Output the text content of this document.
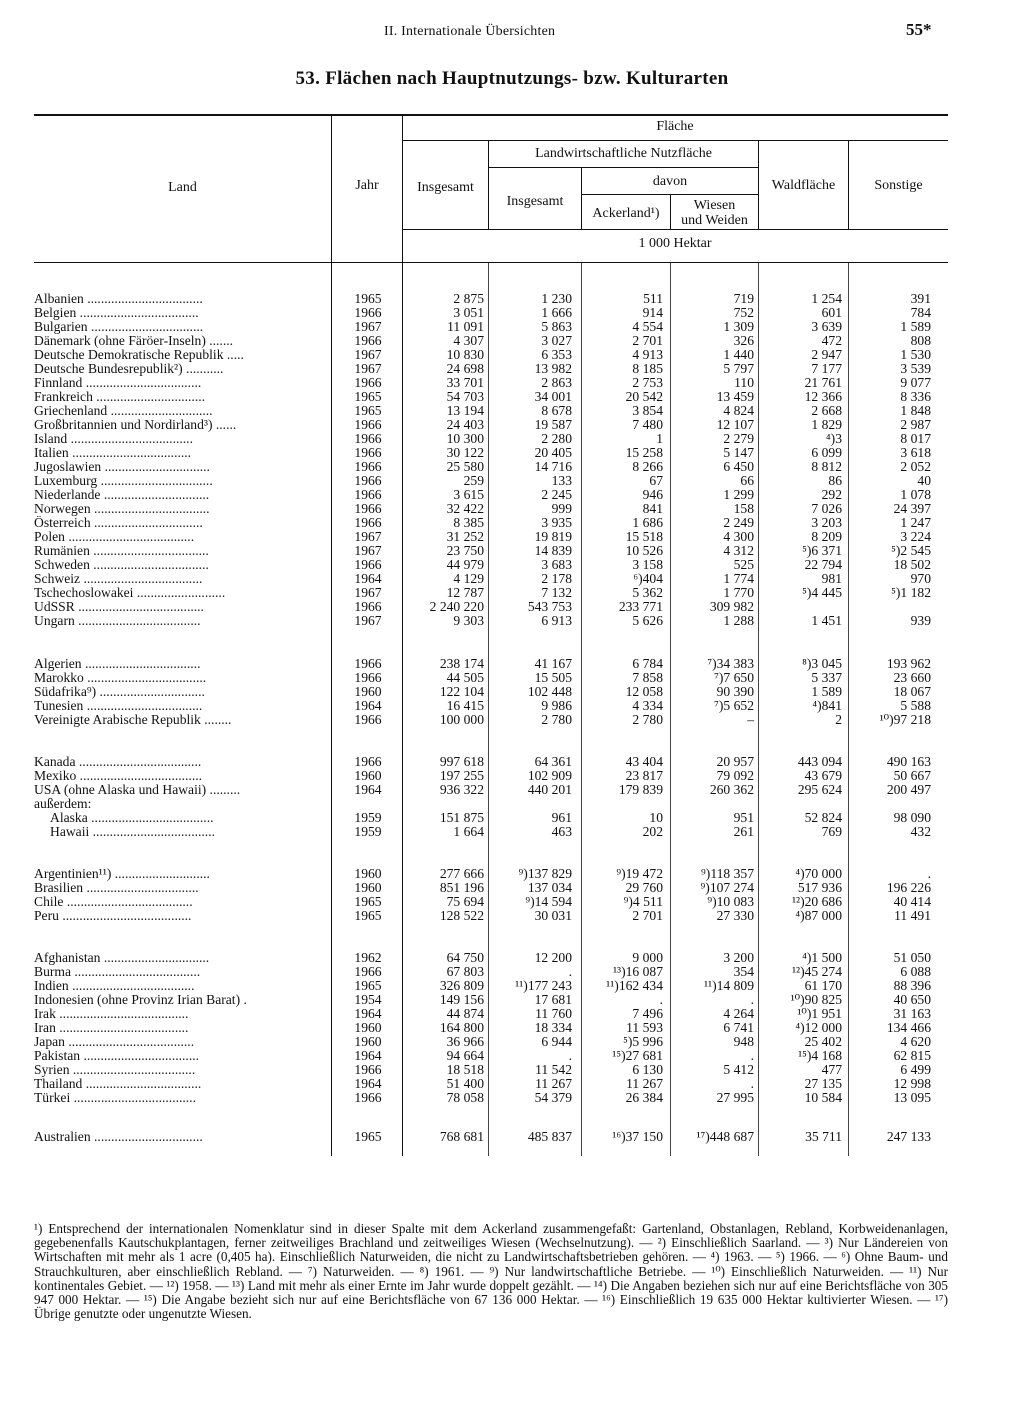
II. Internationale Übersichten	55*
53. Flächen nach Hauptnutzungs- bzw. Kulturarten
Land	Jahr
Fläche
Insgesamt
Landwirtschaftliche Nutzfläche
Insgesamt
davon
Ackerland¹)
Wiesen
und Weiden
Waldfläche	Sonstige
1 000 Hektar
Albanien ..................................	1965	2 875	1 230	511	719	1 254	391
Belgien ...................................	1966	3 051	1 666	914	752	601	784
Bulgarien .................................	1967	11 091	5 863	4 554	1 309	3 639	1 589
Dänemark (ohne Färöer-Inseln) .......	1966	4 307	3 027	2 701	326	472	808
Deutsche Demokratische Republik .....	1967	10 830	6 353	4 913	1 440	2 947	1 530
Deutsche Bundesrepublik²) ...........	1967	24 698	13 982	8 185	5 797	7 177	3 539
Finnland ..................................	1966	33 701	2 863	2 753	110	21 761	9 077
Frankreich ................................	1965	54 703	34 001	20 542	13 459	12 366	8 336
Griechenland ..............................	1965	13 194	8 678	3 854	4 824	2 668	1 848
Großbritannien und Nordirland³) ......	1966	24 403	19 587	7 480	12 107	1 829	2 987
Island ....................................	1966	10 300	2 280	1	2 279	⁴)3	8 017
Italien ...................................	1966	30 122	20 405	15 258	5 147	6 099	3 618
Jugoslawien ...............................	1966	25 580	14 716	8 266	6 450	8 812	2 052
Luxemburg .................................	1966	259	133	67	66	86	40
Niederlande ...............................	1966	3 615	2 245	946	1 299	292	1 078
Norwegen ..................................	1966	32 422	999	841	158	7 026	24 397
Österreich ................................	1966	8 385	3 935	1 686	2 249	3 203	1 247
Polen .....................................	1967	31 252	19 819	15 518	4 300	8 209	3 224
Rumänien ..................................	1967	23 750	14 839	10 526	4 312	⁵)6 371	⁵)2 545
Schweden ..................................	1966	44 979	3 683	3 158	525	22 794	18 502
Schweiz ...................................	1964	4 129	2 178	⁶)404	1 774	981	970
Tschechoslowakei ..........................	1967	12 787	7 132	5 362	1 770	⁵)4 445	⁵)1 182
UdSSR .....................................	1966	2 240 220	543 753	233 771	309 982
Ungarn ....................................	1967	9 303	6 913	5 626	1 288	1 451	939
Algerien ..................................	1966	238 174	41 167	6 784	⁷)34 383	⁸)3 045	193 962
Marokko ...................................	1966	44 505	15 505	7 858	⁷)7 650	5 337	23 660
Südafrika⁹) ...............................	1960	122 104	102 448	12 058	90 390	1 589	18 067
Tunesien ..................................	1964	16 415	9 986	4 334	⁷)5 652	⁴)841	5 588
Vereinigte Arabische Republik ........	1966	100 000	2 780	2 780	–	2	¹⁰)97 218
Kanada ....................................	1966	997 618	64 361	43 404	20 957	443 094	490 163
Mexiko ....................................	1960	197 255	102 909	23 817	79 092	43 679	50 667
USA (ohne Alaska und Hawaii) .........	1964	936 322	440 201	179 839	260 362	295 624	200 497
außerdem:
Alaska ....................................	1959	151 875	961	10	951	52 824	98 090
Hawaii ....................................	1959	1 664	463	202	261	769	432
Argentinien¹¹) ............................	1960	277 666	⁹)137 829	⁹)19 472	⁹)118 357	⁴)70 000	.
Brasilien .................................	1960	851 196	137 034	29 760	⁹)107 274	517 936	196 226
Chile .....................................	1965	75 694	⁹)14 594	⁹)4 511	⁹)10 083	¹²)20 686	40 414
Peru ......................................	1965	128 522	30 031	2 701	27 330	⁴)87 000	11 491
Afghanistan ...............................	1962	64 750	12 200	9 000	3 200	⁴)1 500	51 050
Burma .....................................	1966	67 803	.	¹³)16 087	354	¹²)45 274	6 088
Indien ....................................	1965	326 809	¹¹)177 243	¹¹)162 434	¹¹)14 809	61 170	88 396
Indonesien (ohne Provinz Irian Barat) .	1954	149 156	17 681	.	.	¹⁰)90 825	40 650
Irak ......................................	1964	44 874	11 760	7 496	4 264	¹⁰)1 951	31 163
Iran ......................................	1960	164 800	18 334	11 593	6 741	⁴)12 000	134 466
Japan .....................................	1960	36 966	6 944	⁵)5 996	948	25 402	4 620
Pakistan ..................................	1964	94 664	.	¹⁵)27 681	.	¹⁵)4 168	62 815
Syrien ....................................	1966	18 518	11 542	6 130	5 412	477	6 499
Thailand ..................................	1964	51 400	11 267	11 267	.	27 135	12 998
Türkei ....................................	1966	78 058	54 379	26 384	27 995	10 584	13 095
Australien ................................	1965	768 681	485 837	¹⁶)37 150	¹⁷)448 687	35 711	247 133
¹) Entsprechend der internationalen Nomenklatur sind in dieser Spalte mit dem Ackerland zusammengefaßt: Gartenland, Obstanlagen, Rebland, Korbweidenanlagen, gegebenenfalls Kautschukplantagen, ferner zeitweiliges Brachland und zeitweiliges Wiesen (Wechselnutzung). — ²) Einschließlich Saarland. — ³) Nur Ländereien von Wirtschaften mit mehr als 1 acre (0,405 ha). Einschließlich Naturweiden, die nicht zu Landwirtschaftsbetrieben gehören. — ⁴) 1963. — ⁵) 1966. — ⁶) Ohne Baum- und Strauchkulturen, aber einschließlich Rebland. — ⁷) Naturweiden. — ⁸) 1961. — ⁹) Nur landwirtschaftliche Betriebe. — ¹⁰) Einschließlich Naturweiden. — ¹¹) Nur kontinentales Gebiet. — ¹²) 1958. — ¹³) Land mit mehr als einer Ernte im Jahr wurde doppelt gezählt. — ¹⁴) Die Angaben beziehen sich nur auf eine Berichtsfläche von 305 947 000 Hektar. — ¹⁵) Die Angabe bezieht sich nur auf eine Berichtsfläche von 67 136 000 Hektar. — ¹⁶) Einschließlich 19 635 000 Hektar kultivierter Wiesen. — ¹⁷) Übrige genutzte oder ungenutzte Wiesen.
